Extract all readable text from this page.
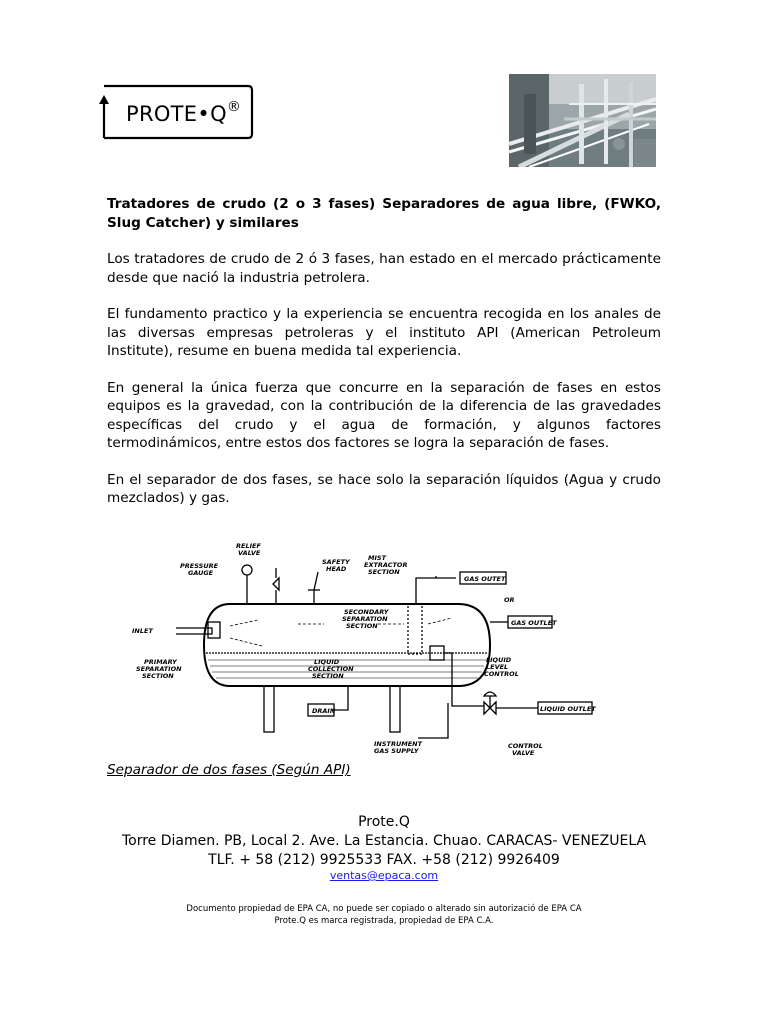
PROTE•Q®

Tratadores de crudo (2 o 3 fases) Separadores de agua libre, (FWKO, Slug Catcher) y similares

Los tratadores de crudo de 2 ó 3 fases, han estado en el mercado prácticamente desde que nació la industria petrolera.

El fundamento practico y la experiencia se encuentra recogida en los anales de las diversas empresas petroleras y el instituto API (American Petroleum Institute), resume en buena medida tal experiencia.

En general la única fuerza que concurre en la separación de fases en estos equipos es la gravedad, con la contribución de la diferencia de las gravedades específicas del crudo y el agua de formación, y algunos factores termodinámicos, entre estos dos factores se logra la separación de fases.

En el separador de dos fases, se hace solo la separación líquidos (Agua y crudo mezclados) y gas.

RELIEF
VALVE
PRESSURE
GAUGE
SAFETY
HEAD
MIST
EXTRACTOR
SECTION
GAS OUTET
OR
GAS OUTLET
INLET
SECONDARY
SEPARATION
SECTION
PRIMARY
SEPARATION
SECTION
LIQUID
COLLECTION
SECTION
LIQUID
LEVEL
CONTROL
DRAIN	LIQUID OUTLET
INSTRUMENT
GAS SUPPLY
CONTROL
VALVE
Separador de dos fases (Según API)
Prote.Q
Torre Diamen. PB, Local 2. Ave. La Estancia. Chuao. CARACAS- VENEZUELA
TLF. + 58 (212) 9925533 FAX. +58 (212) 9926409
ventas@epaca.com
Documento propiedad de EPA CA, no puede ser copiado o alterado sin autorizació de EPA CA
Prote.Q es marca registrada, propiedad de EPA C.A.
